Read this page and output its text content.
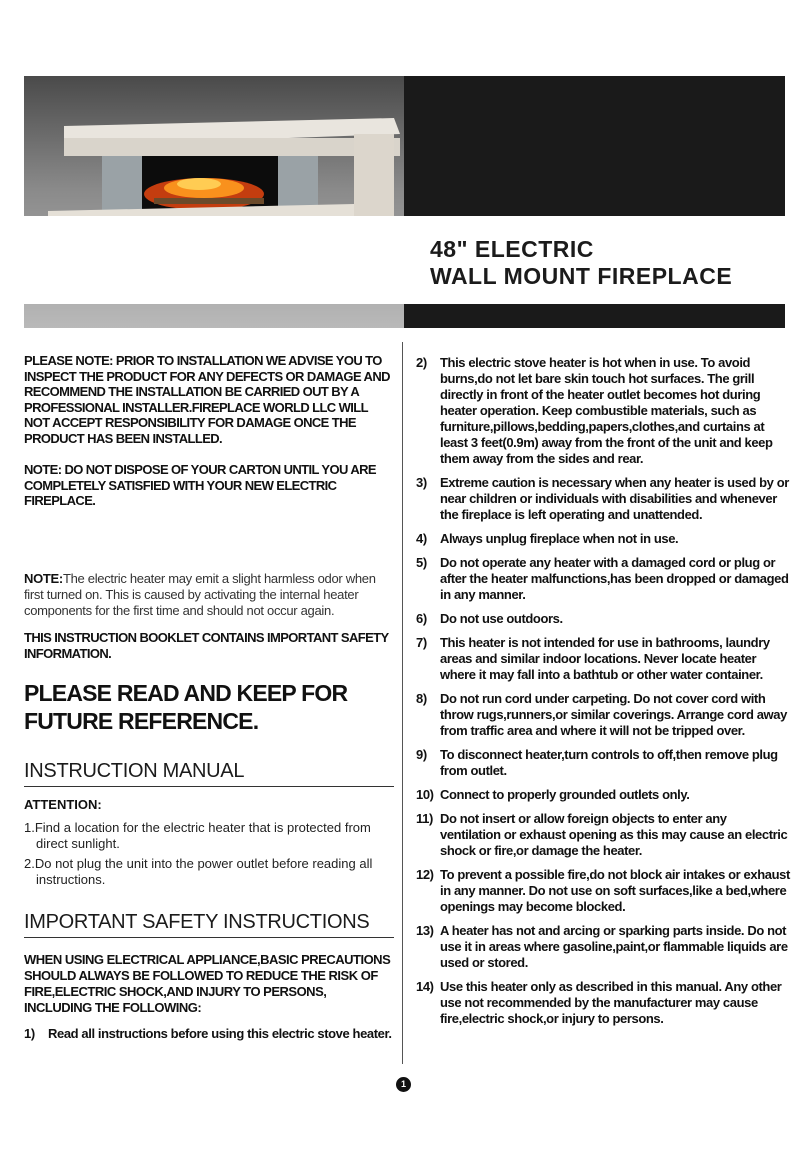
48" ELECTRIC
WALL MOUNT FIREPLACE

PLEASE NOTE: PRIOR TO INSTALLATION WE ADVISE YOU TO INSPECT THE PRODUCT FOR ANY DEFECTS OR DAMAGE AND RECOMMEND THE INSTALLATION BE CARRIED OUT BY A PROFESSIONAL INSTALLER.FIREPLACE WORLD LLC WILL NOT ACCEPT RESPONSIBILITY FOR DAMAGE ONCE THE PRODUCT HAS BEEN INSTALLED.

NOTE: DO NOT DISPOSE OF YOUR CARTON UNTIL YOU ARE COMPLETELY SATISFIED WITH YOUR NEW ELECTRIC FIREPLACE.

NOTE:The electric heater may emit a slight harmless odor when first turned on. This is caused by activating the internal heater components for the first time and should not occur again.
THIS INSTRUCTION BOOKLET CONTAINS IMPORTANT SAFETY INFORMATION.
PLEASE READ AND KEEP FOR FUTURE REFERENCE.
INSTRUCTION MANUAL
ATTENTION:
1.Find a location for the electric heater that is protected from direct sunlight.
2.Do not plug the unit into the power outlet before reading all instructions.
IMPORTANT SAFETY INSTRUCTIONS
WHEN USING ELECTRICAL APPLIANCE,BASIC PRECAUTIONS SHOULD ALWAYS BE FOLLOWED TO REDUCE THE RISK OF FIRE,ELECTRIC SHOCK,AND INJURY TO PERSONS, INCLUDING THE FOLLOWING:
1)	Read all instructions before using this electric stove heater.
2)	This electric stove heater is hot when in use. To avoid burns,do not let bare skin touch hot surfaces. The grill directly in front of the heater outlet becomes hot during heater operation. Keep combustible materials, such as furniture,pillows,bedding,papers,clothes,and curtains at least 3 feet(0.9m) away from the front of the unit and keep them away from the sides and rear.
3)	Extreme caution is necessary when any heater is used by or near children or individuals with disabilities and whenever the fireplace is left operating and unattended.
4)	Always unplug fireplace when not in use.
5)	Do not operate any heater with a damaged cord or plug or after the heater malfunctions,has been dropped or damaged in any manner.
6)	Do not use outdoors.
7)	This heater is not intended for use in bathrooms, laundry areas and similar indoor locations. Never locate heater where it may fall into a bathtub or other water container.
8)	Do not run cord under carpeting. Do not cover cord with throw rugs,runners,or similar coverings. Arrange cord away from traffic area and where it will not be tripped over.
9)	To disconnect heater,turn controls to off,then remove plug from outlet.
10) Connect to properly grounded outlets only.
11) Do not insert or allow foreign objects to enter any ventilation or exhaust opening as this may cause an electric shock or fire,or damage the heater.
12) To prevent a possible fire,do not block air intakes or exhaust in any manner. Do not use on soft surfaces,like a bed,where openings may become blocked.
13) A heater has not and arcing or sparking parts inside. Do not use it in areas where gasoline,paint,or flammable liquids are used or stored.
14) Use this heater only as described in this manual. Any other use not recommended by the manufacturer may cause fire,electric shock,or injury to persons.
1
